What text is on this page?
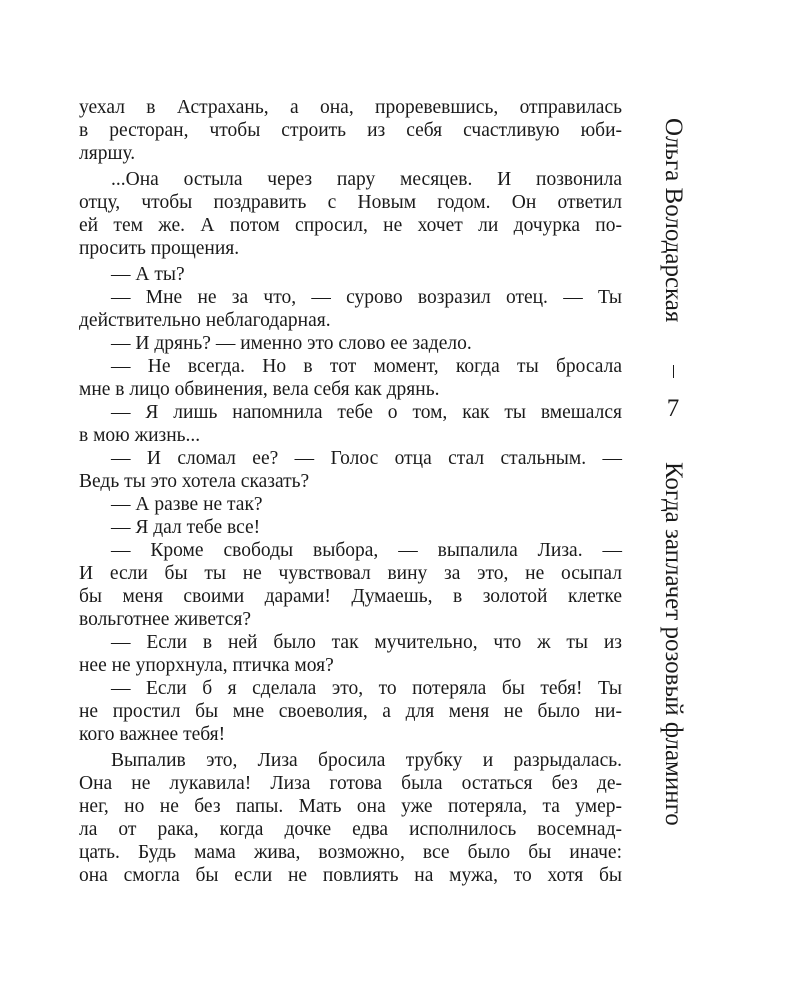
уехал в Астрахань, а она, проревевшись, отправилась
в ресторан, чтобы строить из себя счастливую юби-
ляршу.
...Она остыла через пару месяцев. И позвонила
отцу, чтобы поздравить с Новым годом. Он ответил
ей тем же. А потом спросил, не хочет ли дочурка по-
просить прощения.
— А ты?
— Мне не за что, — сурово возразил отец. — Ты
действительно неблагодарная.
— И дрянь? — именно это слово ее задело.
— Не всегда. Но в тот момент, когда ты бросала
мне в лицо обвинения, вела себя как дрянь.
— Я лишь напомнила тебе о том, как ты вмешался
в мою жизнь...
— И сломал ее? — Голос отца стал стальным. —
Ведь ты это хотела сказать?
— А разве не так?
— Я дал тебе все!
— Кроме свободы выбора, — выпалила Лиза. —
И если бы ты не чувствовал вину за это, не осыпал
бы меня своими дарами! Думаешь, в золотой клетке
вольготнее живется?
— Если в ней было так мучительно, что ж ты из
нее не упорхнула, птичка моя?
— Если б я сделала это, то потеряла бы тебя! Ты
не простил бы мне своеволия, а для меня не было ни-
кого важнее тебя!
Выпалив это, Лиза бросила трубку и разрыдалась.
Она не лукавила! Лиза готова была остаться без де-
нег, но не без папы. Мать она уже потеряла, та умер-
ла от рака, когда дочке едва исполнилось восемнад-
цать. Будь мама жива, возможно, все было бы иначе:
она смогла бы если не повлиять на мужа, то хотя бы
Ольга Володарская
7
Когда заплачет розовый фламинго
